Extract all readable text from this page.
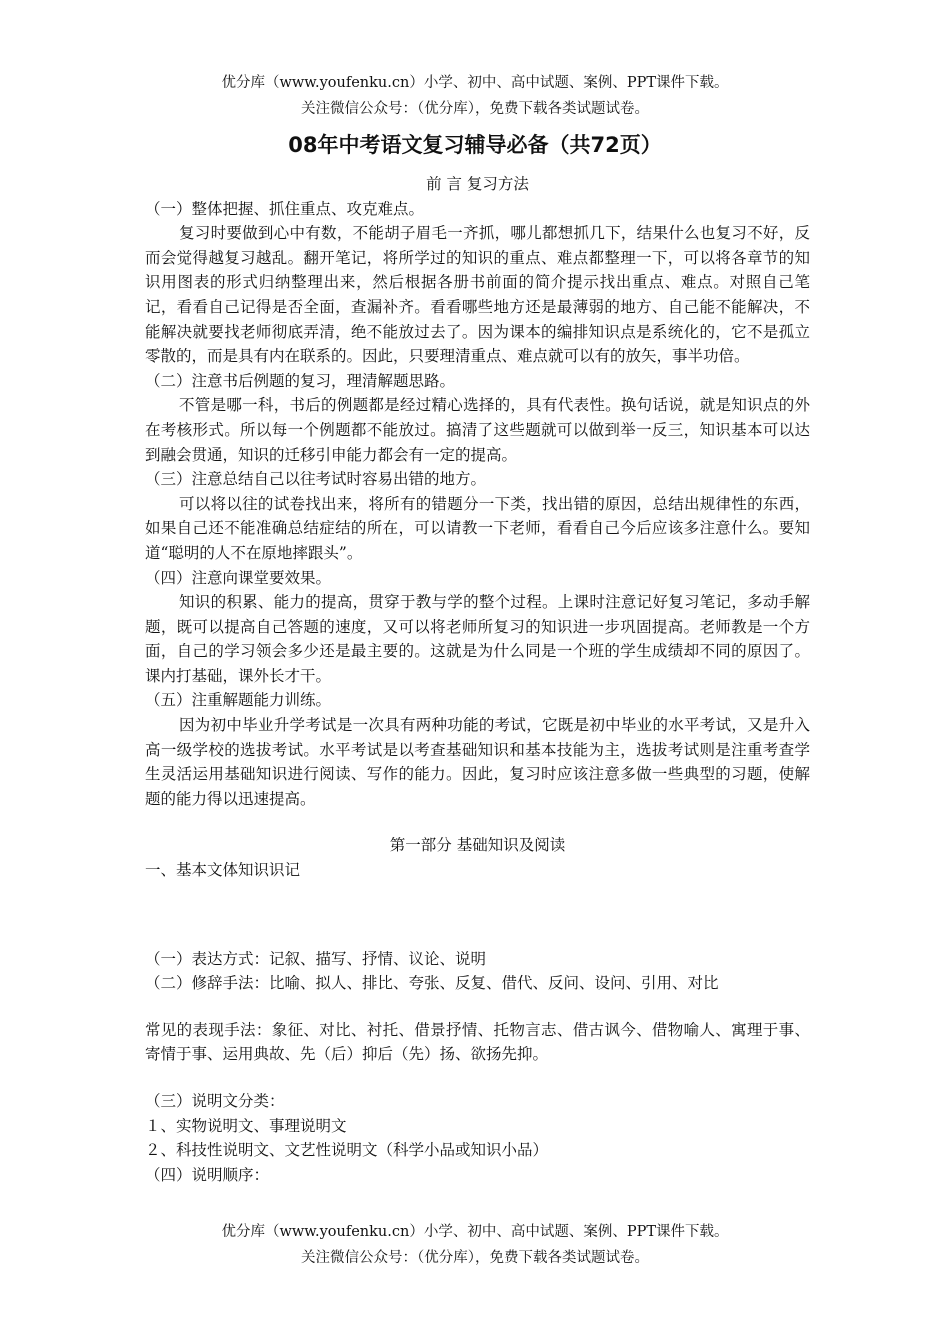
优分库（www.youfenku.cn）小学、初中、高中试题、案例、PPT课件下载。
关注微信公众号：（优分库），免费下载各类试题试卷。
08年中考语文复习辅导必备（共72页）
前 言 复习方法
（一）整体把握、抓住重点、攻克难点。
复习时要做到心中有数，不能胡子眉毛一齐抓，哪儿都想抓几下，结果什么也复习不好，反而会觉得越复习越乱。翻开笔记，将所学过的知识的重点、难点都整理一下，可以将各章节的知识用图表的形式归纳整理出来，然后根据各册书前面的简介提示找出重点、难点。对照自己笔记，看看自己记得是否全面，查漏补齐。看看哪些地方还是最薄弱的地方、自己能不能解决，不能解决就要找老师彻底弄清，绝不能放过去了。因为课本的编排知识点是系统化的，它不是孤立零散的，而是具有内在联系的。因此，只要理清重点、难点就可以有的放矢，事半功倍。
（二）注意书后例题的复习，理清解题思路。
不管是哪一科，书后的例题都是经过精心选择的，具有代表性。换句话说，就是知识点的外在考核形式。所以每一个例题都不能放过。搞清了这些题就可以做到举一反三，知识基本可以达到融会贯通，知识的迁移引申能力都会有一定的提高。
（三）注意总结自己以往考试时容易出错的地方。
可以将以往的试卷找出来，将所有的错题分一下类，找出错的原因，总结出规律性的东西，如果自己还不能准确总结症结的所在，可以请教一下老师，看看自己今后应该多注意什么。要知道“聪明的人不在原地摔跟头”。
（四）注意向课堂要效果。
知识的积累、能力的提高，贯穿于教与学的整个过程。上课时注意记好复习笔记，多动手解题，既可以提高自己答题的速度，又可以将老师所复习的知识进一步巩固提高。老师教是一个方面，自己的学习领会多少还是最主要的。这就是为什么同是一个班的学生成绩却不同的原因了。课内打基础，课外长才干。
（五）注重解题能力训练。
因为初中毕业升学考试是一次具有两种功能的考试，它既是初中毕业的水平考试，又是升入高一级学校的选拔考试。水平考试是以考查基础知识和基本技能为主，选拔考试则是注重考查学生灵活运用基础知识进行阅读、写作的能力。因此，复习时应该注意多做一些典型的习题，使解题的能力得以迅速提高。
第一部分 基础知识及阅读
一、基本文体知识识记
（一）表达方式：记叙、描写、抒情、议论、说明
（二）修辞手法：比喻、拟人、排比、夸张、反复、借代、反问、设问、引用、对比
常见的表现手法：象征、对比、衬托、借景抒情、托物言志、借古讽今、借物喻人、寓理于事、寄情于事、运用典故、先（后）抑后（先）扬、欲扬先抑。
（三）说明文分类：
１、实物说明文、事理说明文
２、科技性说明文、文艺性说明文（科学小品或知识小品）
（四）说明顺序：
优分库（www.youfenku.cn）小学、初中、高中试题、案例、PPT课件下载。
关注微信公众号：（优分库），免费下载各类试题试卷。
